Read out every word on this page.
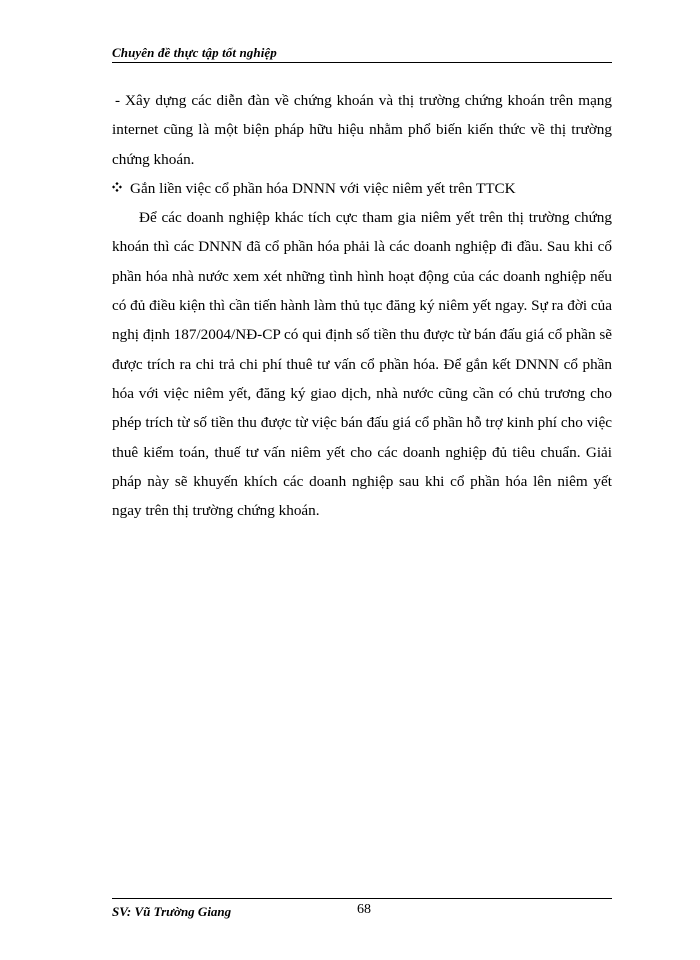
Chuyên đề thực tập tốt nghiệp

- Xây dựng các diễn đàn về chứng khoán và thị trường chứng khoán trên mạng internet cũng là một biện pháp hữu hiệu nhằm phổ biến kiến thức về thị trường chứng khoán.

Gắn liền việc cổ phần hóa DNNN với việc niêm yết trên TTCK

Để các doanh nghiệp khác tích cực tham gia niêm yết trên thị trường chứng khoán thì các DNNN đã cổ phần hóa phải là các doanh nghiệp đi đầu. Sau khi cổ phần hóa nhà nước xem xét những tình hình hoạt động của các doanh nghiệp nếu có đủ điều kiện thì cần tiến hành làm thủ tục đăng ký niêm yết ngay. Sự ra đời của nghị định 187/2004/NĐ-CP có qui định số tiền thu được từ bán đấu giá cổ phần sẽ được trích ra chi trả chi phí thuê tư vấn cổ phần hóa. Để gắn kết DNNN cổ phần hóa với việc niêm yết, đăng ký giao dịch, nhà nước cũng cần có chủ trương cho phép trích từ số tiền thu được từ việc bán đấu giá cổ phần hỗ trợ kinh phí cho việc thuê kiểm toán, thuế tư vấn niêm yết cho các doanh nghiệp đủ tiêu chuẩn. Giải pháp này sẽ khuyến khích các doanh nghiệp sau khi cổ phần hóa lên niêm yết ngay trên thị trường chứng khoán.

SV: Vũ Trường Giang	68
